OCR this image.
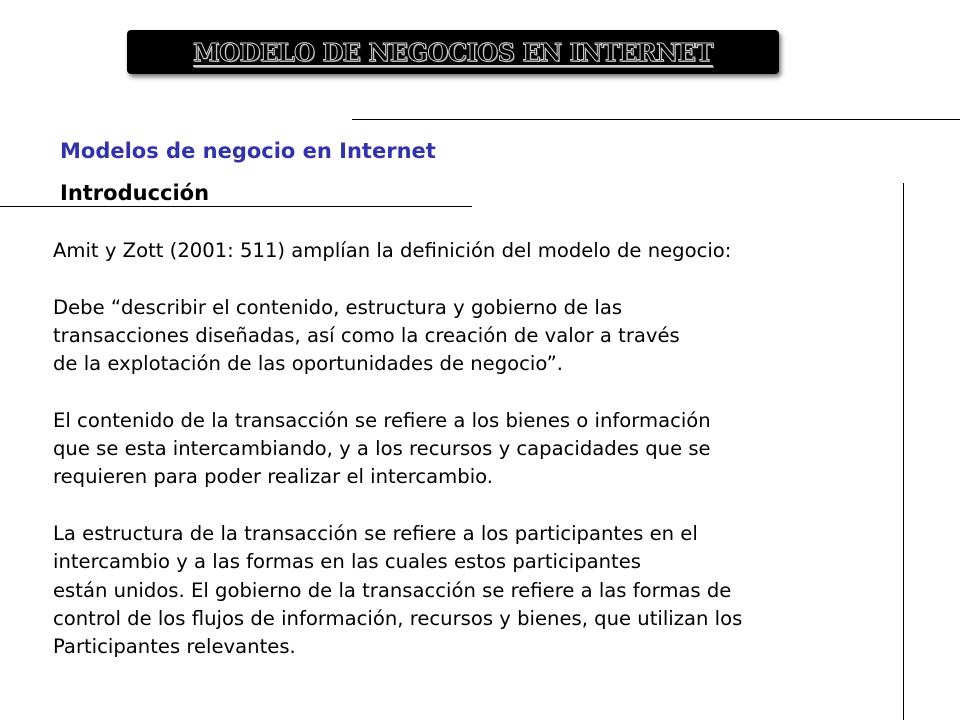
MODELO DE NEGOCIOS EN INTERNET
Modelos de negocio en Internet
Introducción
Amit y Zott (2001: 511) amplían la definición del modelo de negocio:
Debe “describir el contenido, estructura y gobierno de las
transacciones diseñadas, así como la creación de valor a través
de la explotación de las oportunidades de negocio”.
El contenido de la transacción se refiere a los bienes o información
que se esta intercambiando, y a los recursos y capacidades que se
requieren para poder realizar el intercambio.
La estructura de la transacción se refiere a los participantes en el
intercambio y a las formas en las cuales estos participantes
están unidos. El gobierno de la transacción se refiere a las formas de
control de los flujos de información, recursos y bienes, que utilizan los
Participantes relevantes.
